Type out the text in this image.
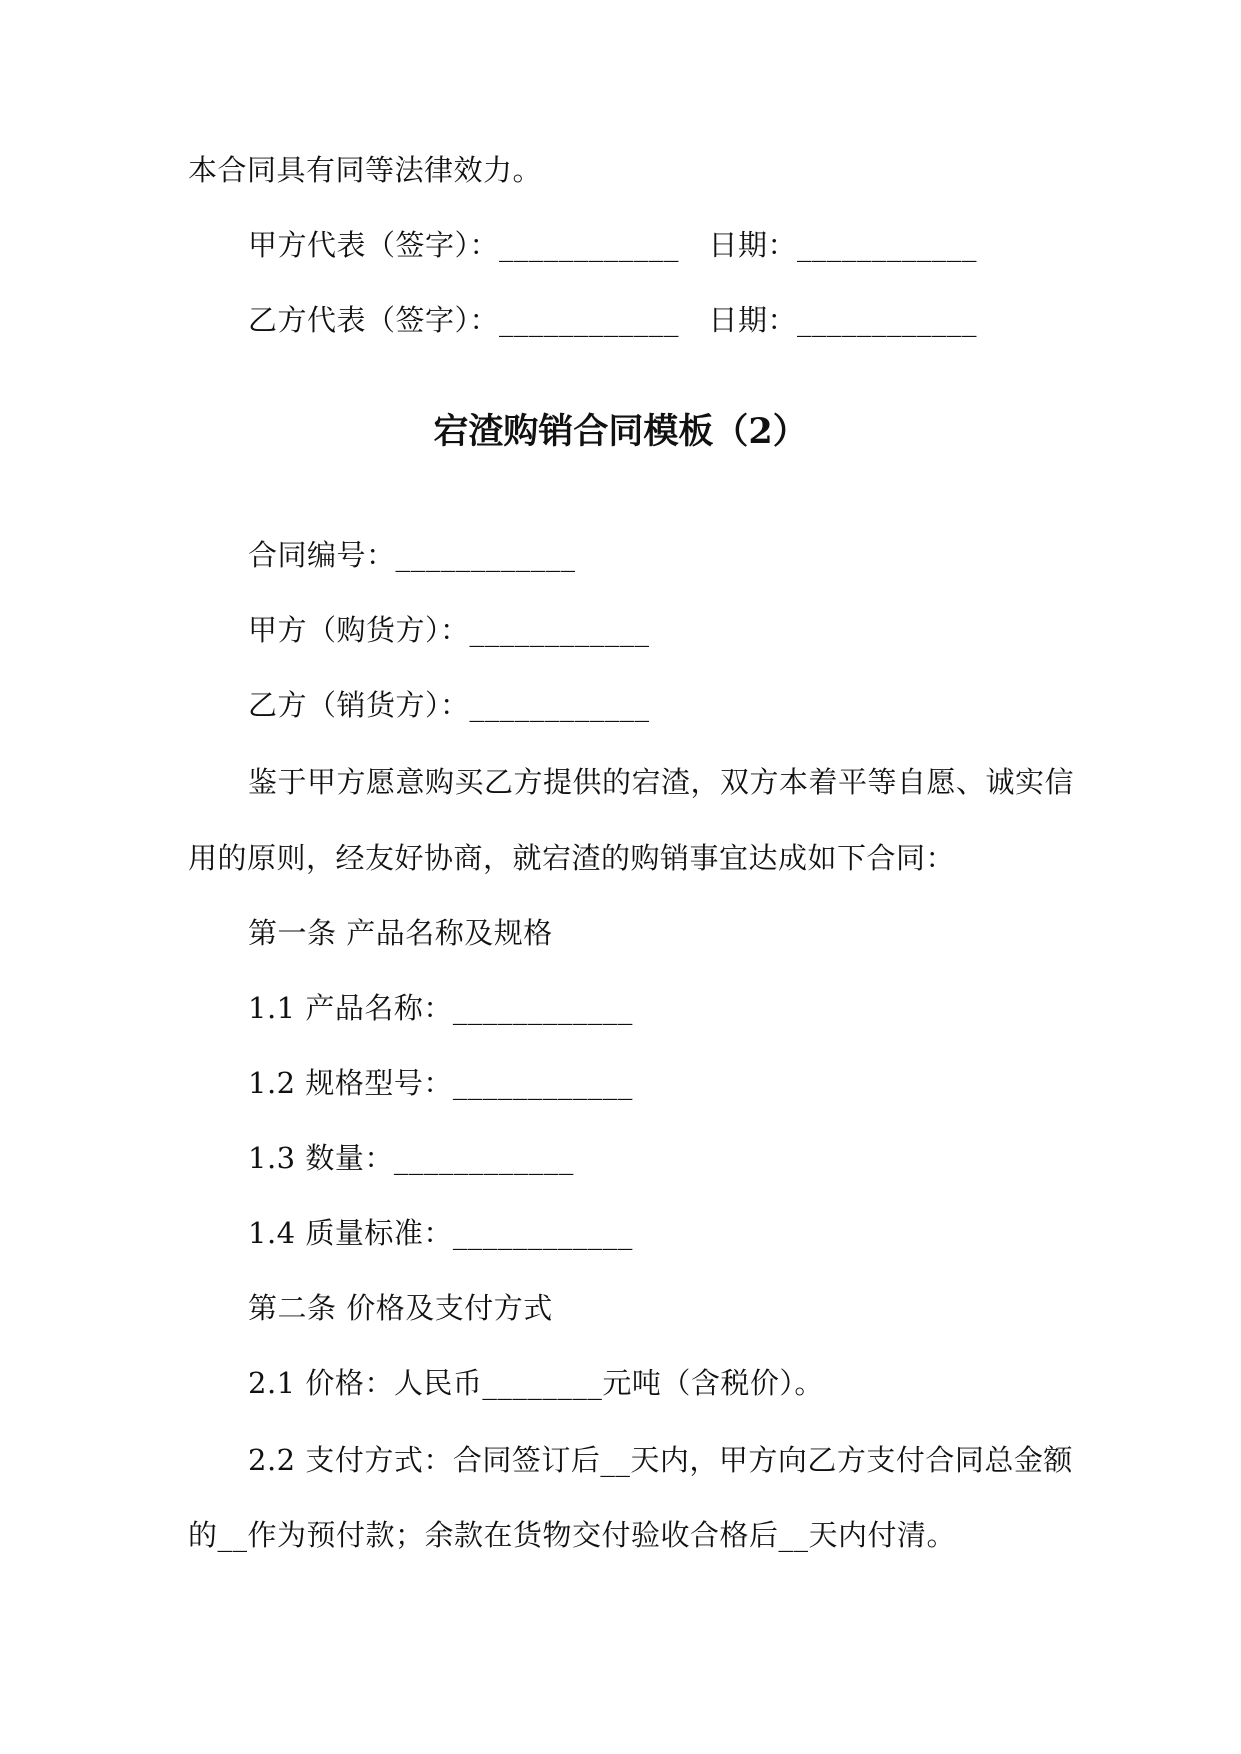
本合同具有同等法律效力。
甲方代表（签字）：____________　日期：____________
乙方代表（签字）：____________　日期：____________
宕渣购销合同模板（2）
合同编号：____________
甲方（购货方）：____________
乙方（销货方）：____________
鉴于甲方愿意购买乙方提供的宕渣，双方本着平等自愿、诚实信
用的原则，经友好协商，就宕渣的购销事宜达成如下合同：
第一条 产品名称及规格
1.1 产品名称：____________
1.2 规格型号：____________
1.3 数量：____________
1.4 质量标准：____________
第二条 价格及支付方式
2.1 价格：人民币________元吨（含税价）。
2.2 支付方式：合同签订后__天内，甲方向乙方支付合同总金额
的__作为预付款；余款在货物交付验收合格后__天内付清。
